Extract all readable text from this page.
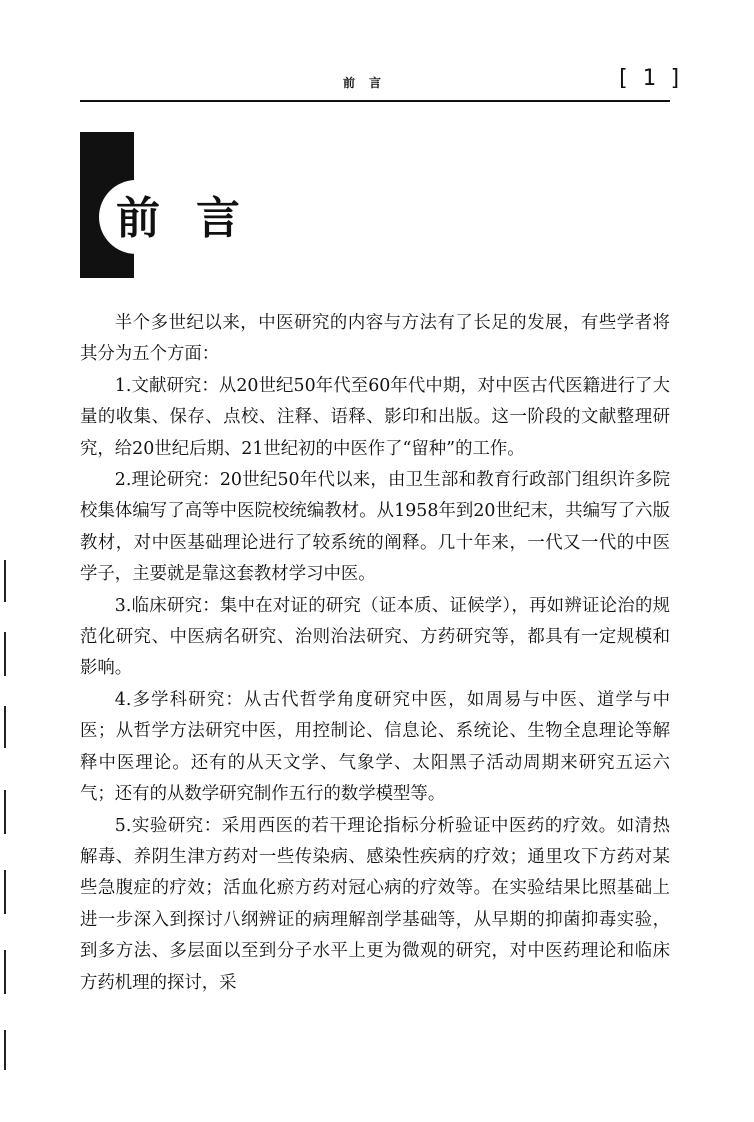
前言	[ 1 ]
前言

半个多世纪以来，中医研究的内容与方法有了长足的发展，有些学者将其分为五个方面：

1.文献研究：从20世纪50年代至60年代中期，对中医古代医籍进行了大量的收集、保存、点校、注释、语释、影印和出版。这一阶段的文献整理研究，给20世纪后期、21世纪初的中医作了“留种”的工作。

2.理论研究：20世纪50年代以来，由卫生部和教育行政部门组织许多院校集体编写了高等中医院校统编教材。从1958年到20世纪末，共编写了六版教材，对中医基础理论进行了较系统的阐释。几十年来，一代又一代的中医学子，主要就是靠这套教材学习中医。

3.临床研究：集中在对证的研究（证本质、证候学），再如辨证论治的规范化研究、中医病名研究、治则治法研究、方药研究等，都具有一定规模和影响。

4.多学科研究：从古代哲学角度研究中医，如周易与中医、道学与中医；从哲学方法研究中医，用控制论、信息论、系统论、生物全息理论等解释中医理论。还有的从天文学、气象学、太阳黑子活动周期来研究五运六气；还有的从数学研究制作五行的数学模型等。

5.实验研究：采用西医的若干理论指标分析验证中医药的疗效。如清热解毒、养阴生津方药对一些传染病、感染性疾病的疗效；通里攻下方药对某些急腹症的疗效；活血化瘀方药对冠心病的疗效等。在实验结果比照基础上进一步深入到探讨八纲辨证的病理解剖学基础等，从早期的抑菌抑毒实验，到多方法、多层面以至到分子水平上更为微观的研究，对中医药理论和临床方药机理的探讨，采
